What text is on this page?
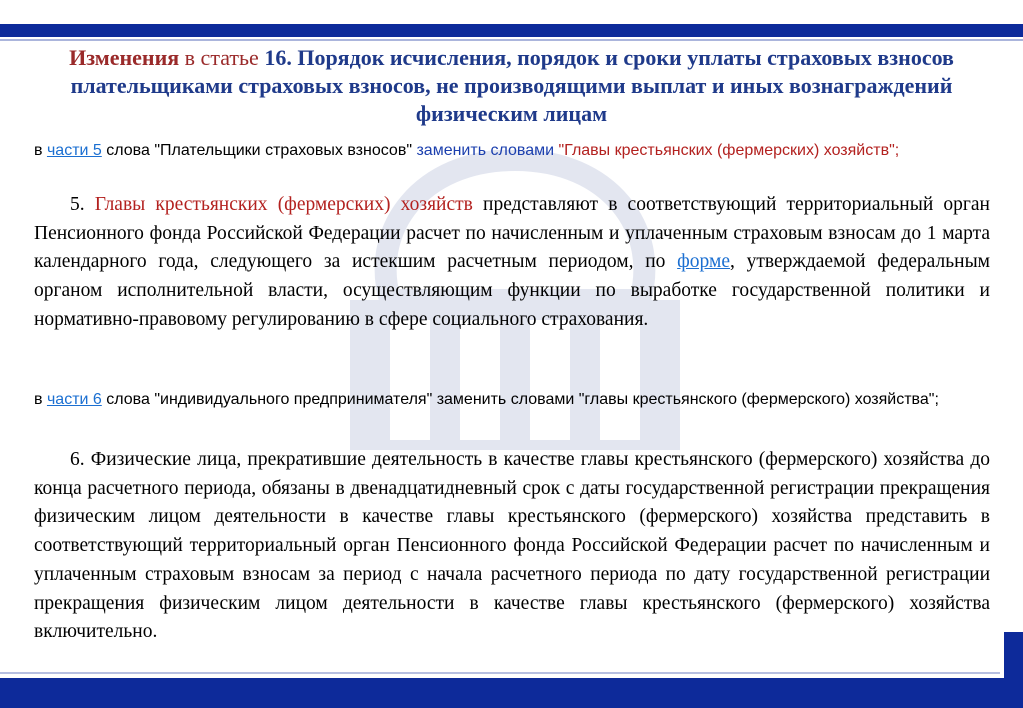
Изменения в статье 16. Порядок исчисления, порядок и сроки уплаты страховых взносов плательщиками страховых взносов, не производящими выплат и иных вознаграждений физическим лицам

в части 5 слова "Плательщики страховых взносов" заменить словами "Главы крестьянских (фермерских) хозяйств";

5. Главы крестьянских (фермерских) хозяйств представляют в соответствующий территориальный орган Пенсионного фонда Российской Федерации расчет по начисленным и уплаченным страховым взносам до 1 марта календарного года, следующего за истекшим расчетным периодом, по форме, утверждаемой федеральным органом исполнительной власти, осуществляющим функции по выработке государственной политики и нормативно-правовому регулированию в сфере социального страхования.

в части 6 слова "индивидуального предпринимателя" заменить словами "главы крестьянского (фермерского) хозяйства";

6. Физические лица, прекратившие деятельность в качестве главы крестьянского (фермерского) хозяйства до конца расчетного периода, обязаны в двенадцатидневный срок с даты государственной регистрации прекращения физическим лицом деятельности в качестве главы крестьянского (фермерского) хозяйства представить в соответствующий территориальный орган Пенсионного фонда Российской Федерации расчет по начисленным и уплаченным страховым взносам за период с начала расчетного периода по дату государственной регистрации прекращения физическим лицом деятельности в качестве главы крестьянского (фермерского) хозяйства включительно.
